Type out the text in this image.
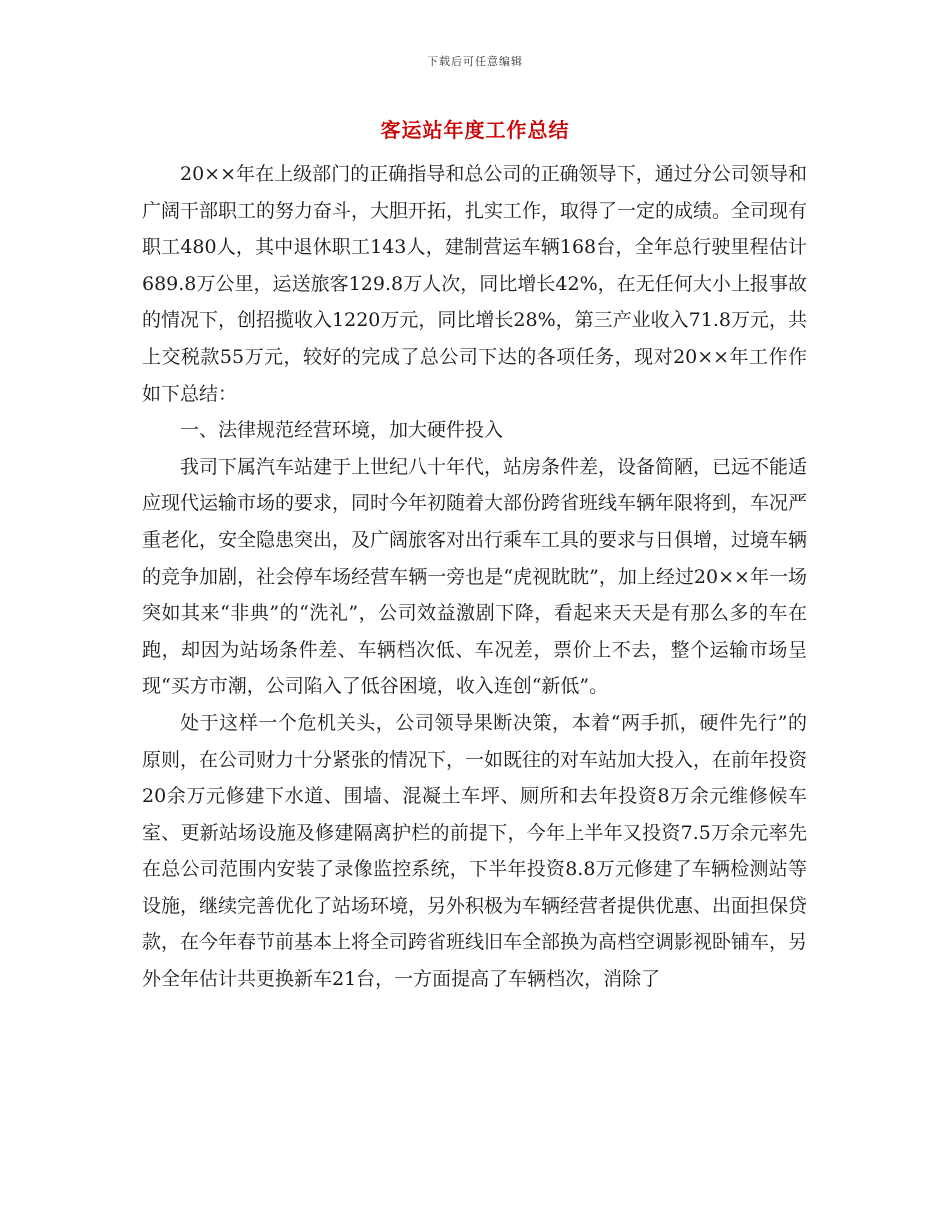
下载后可任意编辑
客运站年度工作总结

20××年在上级部门的正确指导和总公司的正确领导下，通过分公司领导和广阔干部职工的努力奋斗，大胆开拓，扎实工作，取得了一定的成绩。全司现有职工480人，其中退休职工143人，建制营运车辆168台，全年总行驶里程估计689.8万公里，运送旅客129.8万人次，同比增长42%，在无任何大小上报事故的情况下，创招揽收入1220万元，同比增长28%，第三产业收入71.8万元，共上交税款55万元，较好的完成了总公司下达的各项任务，现对20××年工作作如下总结：

一、法律规范经营环境，加大硬件投入

我司下属汽车站建于上世纪八十年代，站房条件差，设备简陋，已远不能适应现代运输市场的要求，同时今年初随着大部份跨省班线车辆年限将到，车况严重老化，安全隐患突出，及广阔旅客对出行乘车工具的要求与日俱增，过境车辆的竞争加剧，社会停车场经营车辆一旁也是“虎视眈眈”，加上经过20××年一场突如其来“非典”的“洗礼”，公司效益激剧下降，看起来天天是有那么多的车在跑，却因为站场条件差、车辆档次低、车况差，票价上不去，整个运输市场呈现“买方市潮，公司陷入了低谷困境，收入连创“新低”。

处于这样一个危机关头，公司领导果断决策，本着“两手抓，硬件先行”的原则，在公司财力十分紧张的情况下，一如既往的对车站加大投入，在前年投资20余万元修建下水道、围墙、混凝土车坪、厕所和去年投资8万余元维修候车室、更新站场设施及修建隔离护栏的前提下，今年上半年又投资7.5万余元率先在总公司范围内安装了录像监控系统，下半年投资8.8万元修建了车辆检测站等设施，继续完善优化了站场环境，另外积极为车辆经营者提供优惠、出面担保贷款，在今年春节前基本上将全司跨省班线旧车全部换为高档空调影视卧铺车，另外全年估计共更换新车21台，一方面提高了车辆档次，消除了
